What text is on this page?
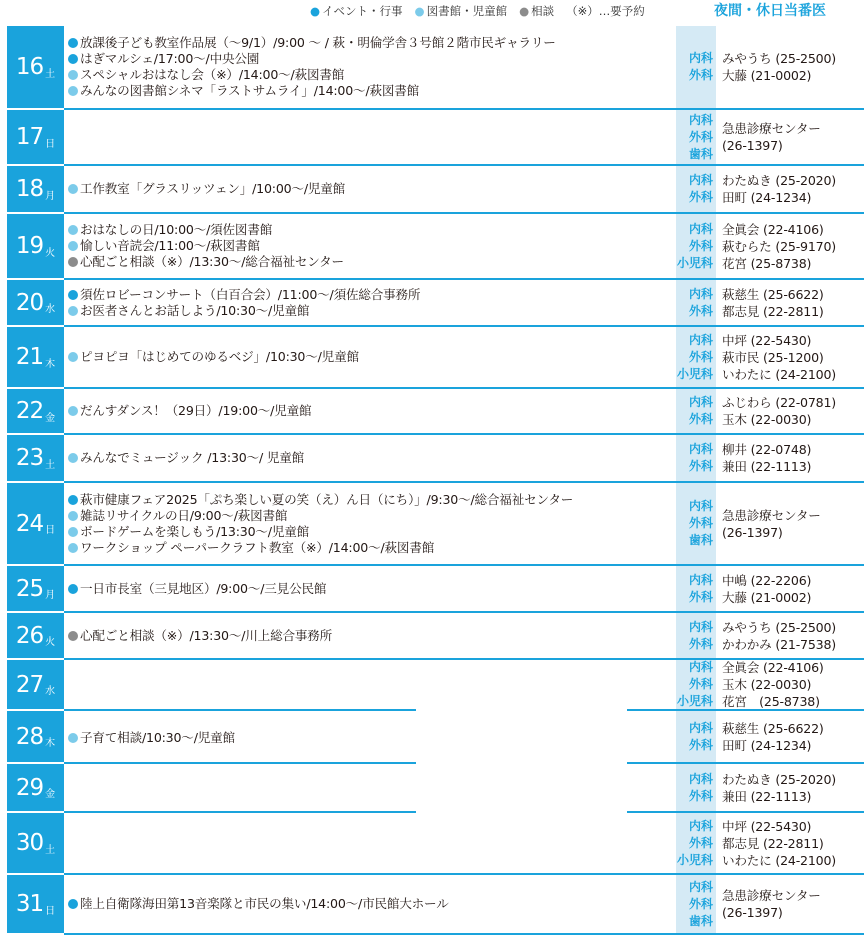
● イベント・行事 ● 図書館・児童館 ● 相談 （※）…要予約	夜間・休日当番医
16 土
放課後子ども教室作品展（〜9/1）/9:00 〜 / 萩・明倫学舎３号館２階市民ギャラリー
はぎマルシェ/17:00〜/中央公園
スペシャルおはなし会（※）/14:00〜/萩図書館
みんなの図書館シネマ「ラストサムライ」/14:00〜/萩図書館
内科
外科
みやうち (25-2500)
大藤 (21-0002)
17 日
内科
外科
歯科
急患診療センター
(26-1397)
18 月 工作教室「グラスリッツェン」/10:00〜/児童館
内科
外科
わたぬき (25-2020)
田町 (24-1234)
19 火
おはなしの日/10:00〜/須佐図書館
愉しい音読会/11:00〜/萩図書館
心配ごと相談（※）/13:30〜/総合福祉センター
内科
外科
小児科
全眞会 (22-4106)
萩むらた (25-9170)
花宮 (25-8738)
20 水
須佐ロビーコンサート（白百合会）/11:00〜/須佐総合事務所
お医者さんとお話しよう/10:30〜/児童館
内科
外科
萩慈生 (25-6622)
都志見 (22-2811)
21 木 ピヨピヨ「はじめてのゆるベジ」/10:30〜/児童館
内科
外科
小児科
中坪 (22-5430)
萩市民 (25-1200)
いわたに (24-2100)
22 金 だんすダンス！（29日）/19:00〜/児童館
内科
外科
ふじわら (22-0781)
玉木 (22-0030)
23 土 みんなでミュージック /13:30〜/ 児童館
内科
外科
柳井 (22-0748)
兼田 (22-1113)
24 日
萩市健康フェア2025「ぷち楽しい夏の笑（え）ん日（にち）」/9:30〜/総合福祉センター
雑誌リサイクルの日/9:00〜/萩図書館
ボードゲームを楽しもう/13:30〜/児童館
ワークショップ ペーパークラフト教室（※）/14:00〜/萩図書館
内科
外科
歯科
急患診療センター
(26-1397)
25 月 一日市長室（三見地区）/9:00〜/三見公民館
内科
外科
中嶋 (22-2206)
大藤 (21-0002)
26 火 心配ごと相談（※）/13:30〜/川上総合事務所
内科
外科
みやうち (25-2500)
かわかみ (21-7538)
27 水
内科
外科
小児科
全眞会 (22-4106)
玉木 (22-0030)
花宮　(25-8738)
28 木 子育て相談/10:30〜/児童館
内科
外科
萩慈生 (25-6622)
田町 (24-1234)
29 金
内科
外科
わたぬき (25-2020)
兼田 (22-1113)
30 土
内科
外科
小児科
中坪 (22-5430)
都志見 (22-2811)
いわたに (24-2100)
31 日 陸上自衛隊海田第13音楽隊と市民の集い/14:00〜/市民館大ホール
内科
外科
歯科
急患診療センター
(26-1397)
